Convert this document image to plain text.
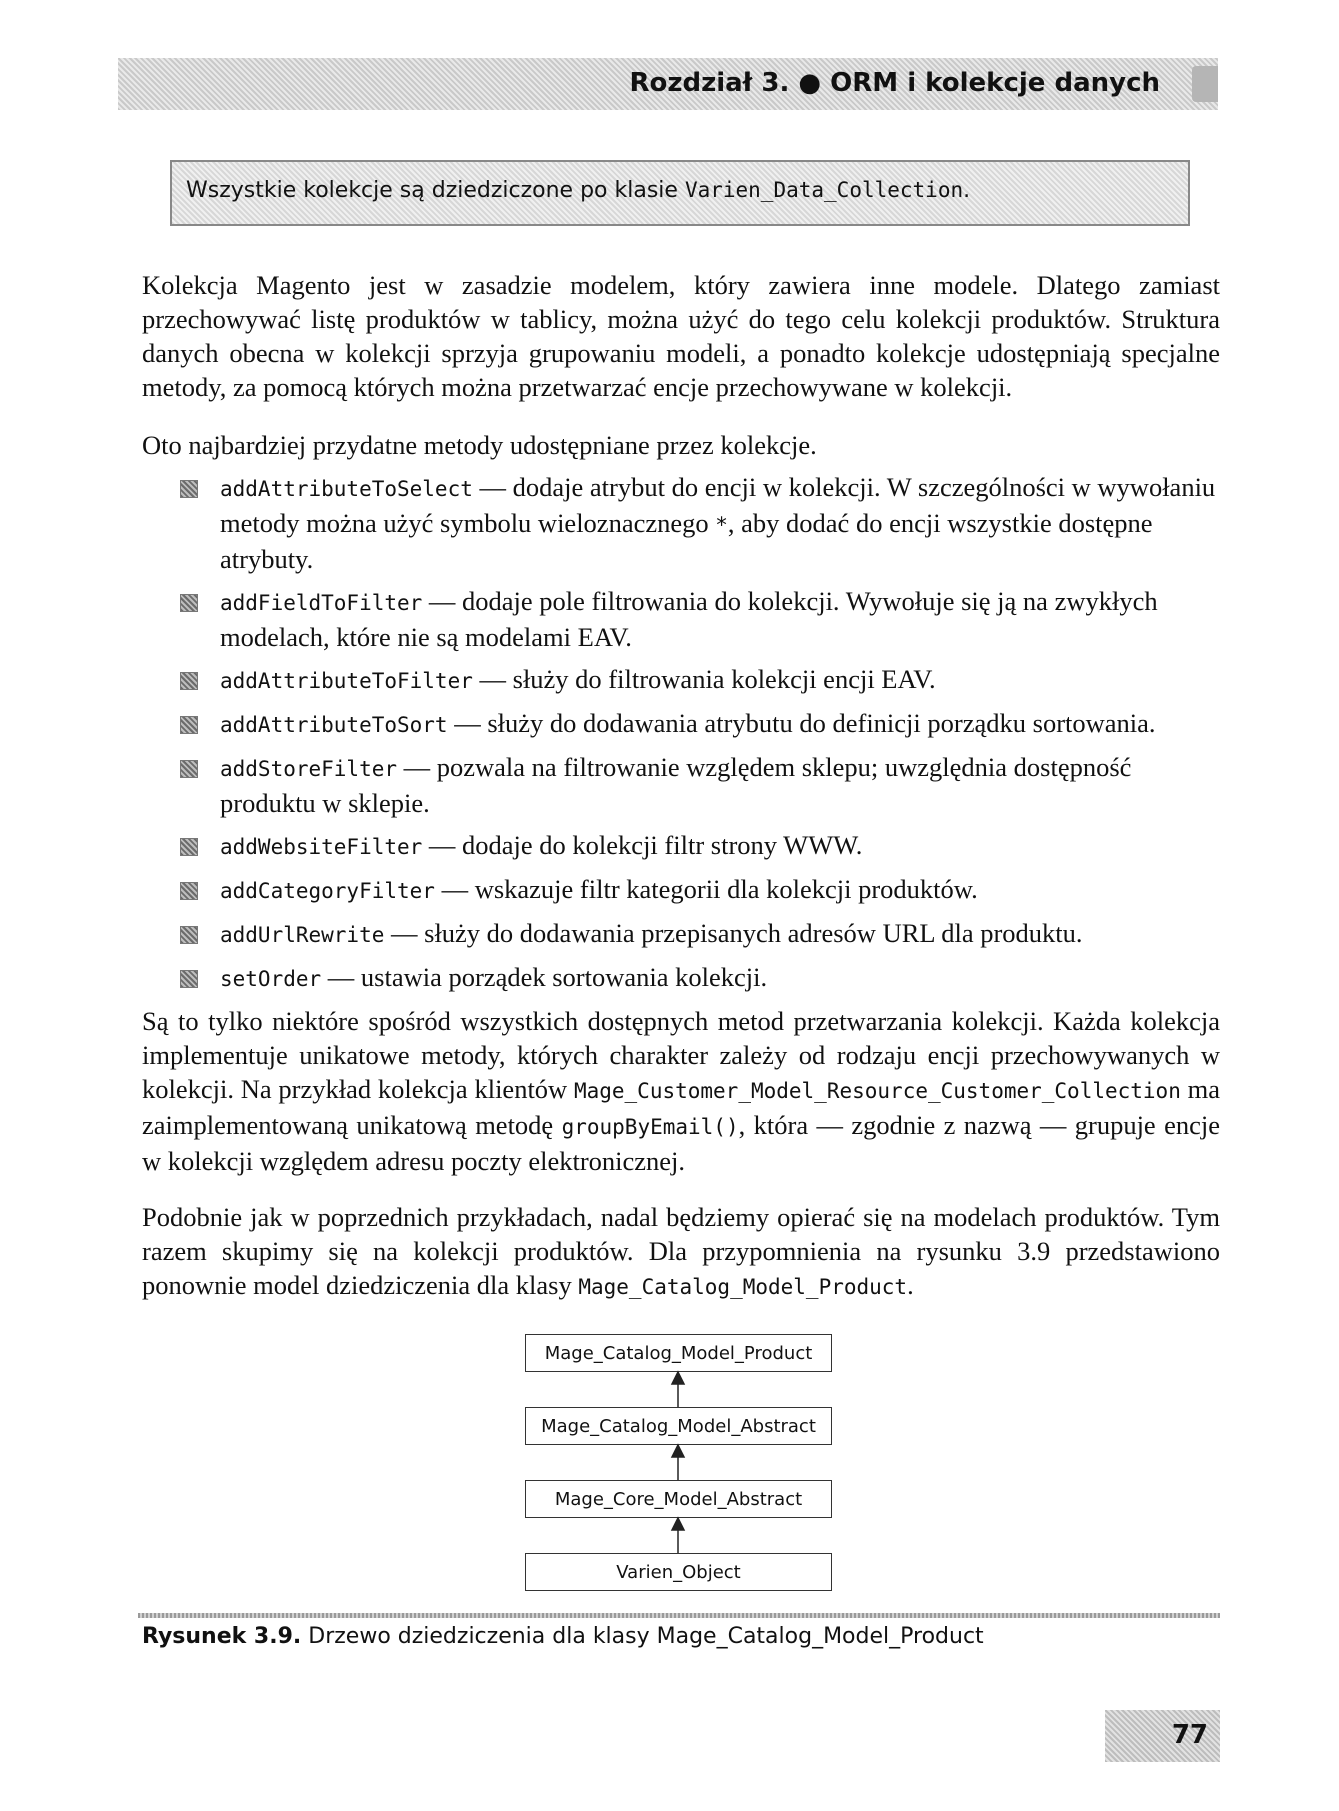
Rozdział 3. ● ORM i kolekcje danych
Wszystkie kolekcje są dziedziczone po klasie Varien_Data_Collection.

Kolekcja Magento jest w zasadzie modelem, który zawiera inne modele. Dlatego zamiast przechowywać listę produktów w tablicy, można użyć do tego celu kolekcji produktów. Struktura danych obecna w kolekcji sprzyja grupowaniu modeli, a ponadto kolekcje udostępniają specjalne metody, za pomocą których można przetwarzać encje przechowywane w kolekcji.

Oto najbardziej przydatne metody udostępniane przez kolekcje.

addAttributeToSelect — dodaje atrybut do encji w kolekcji. W szczególności w wywołaniu metody można użyć symbolu wieloznacznego *, aby dodać do encji wszystkie dostępne atrybuty.
addFieldToFilter — dodaje pole filtrowania do kolekcji. Wywołuje się ją na zwykłych modelach, które nie są modelami EAV.
addAttributeToFilter — służy do filtrowania kolekcji encji EAV.
addAttributeToSort — służy do dodawania atrybutu do definicji porządku sortowania.
addStoreFilter — pozwala na filtrowanie względem sklepu; uwzględnia dostępność produktu w sklepie.
addWebsiteFilter — dodaje do kolekcji filtr strony WWW.
addCategoryFilter — wskazuje filtr kategorii dla kolekcji produktów.
addUrlRewrite — służy do dodawania przepisanych adresów URL dla produktu.
setOrder — ustawia porządek sortowania kolekcji.

Są to tylko niektóre spośród wszystkich dostępnych metod przetwarzania kolekcji. Każda kolekcja implementuje unikatowe metody, których charakter zależy od rodzaju encji przechowywanych w kolekcji. Na przykład kolekcja klientów Mage_Customer_Model_Resource_Customer_Collection ma zaimplementowaną unikatową metodę groupByEmail(), która — zgodnie z nazwą — grupuje encje w kolekcji względem adresu poczty elektronicznej.

Podobnie jak w poprzednich przykładach, nadal będziemy opierać się na modelach produktów. Tym razem skupimy się na kolekcji produktów. Dla przypomnienia na rysunku 3.9 przedstawiono ponownie model dziedziczenia dla klasy Mage_Catalog_Model_Product.

Mage_Catalog_Model_Product
Mage_Catalog_Model_Abstract
Mage_Core_Model_Abstract
Varien_Object
Rysunek 3.9. Drzewo dziedziczenia dla klasy Mage_Catalog_Model_Product
77
